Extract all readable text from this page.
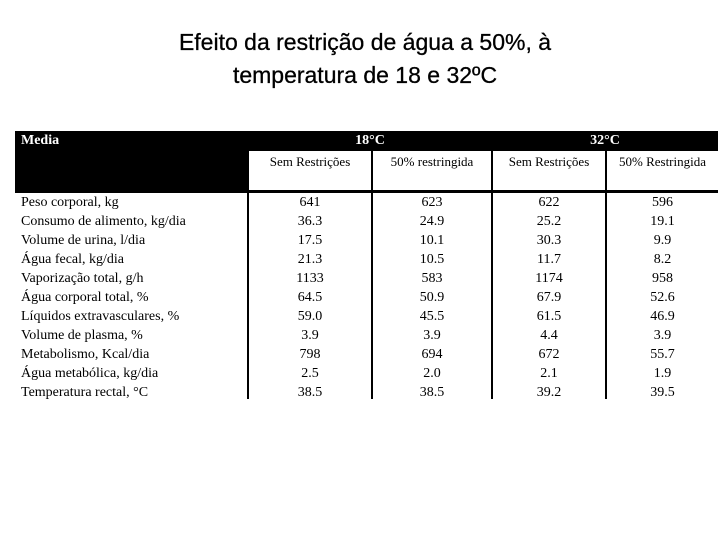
Efeito da restrição de água a 50%, à
temperatura de 18 e 32ºC
Media	18°C		32°C	
	Sem Restrições	50% restringida	Sem Restrições	50% Restringida
Peso corporal, kg	641	623	622	596
Consumo de alimento, kg/dia	36.3	24.9	25.2	19.1
Volume de urina, l/dia	17.5	10.1	30.3	9.9
Água fecal, kg/dia	21.3	10.5	11.7	8.2
Vaporização total, g/h	1133	583	1174	958
Água corporal total, %	64.5	50.9	67.9	52.6
Líquidos extravasculares, %	59.0	45.5	61.5	46.9
Volume de plasma, %	3.9	3.9	4.4	3.9
Metabolismo, Kcal/dia	798	694	672	55.7
Água metabólica, kg/dia	2.5	2.0	2.1	1.9
Temperatura rectal, °C	38.5	38.5	39.2	39.5
